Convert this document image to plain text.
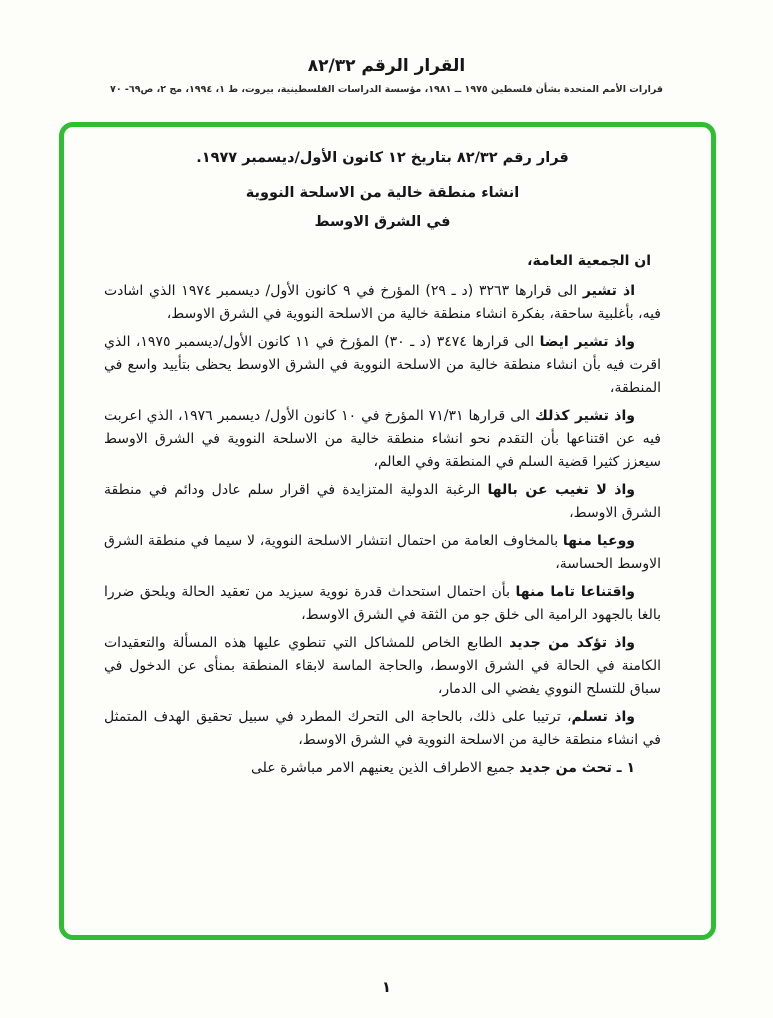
القرار الرقم ٨٢/٣٢
قرارات الأمم المتحدة بشأن فلسطين ١٩٧٥ ــ ١٩٨١، مؤسسة الدراسات الفلسطينية، بيروت، ط ١، ١٩٩٤، مج ٢، ص٦٩- ٧٠
قرار رقم ٨٢/٣٢ بتاريخ ١٢ كانون الأول/ديسمبر ١٩٧٧.
انشاء منطقة خالية من الاسلحة النووية
في الشرق الاوسط

ان الجمعية العامة،

اذ تشير الى قرارها ٣٢٦٣ (د ـ ٢٩) المؤرخ في ٩ كانون الأول/ ديسمبر ١٩٧٤ الذي اشادت فيه، بأغلبية ساحقة، بفكرة انشاء منطقة خالية من الاسلحة النووية في الشرق الاوسط،

واذ تشير ايضا الى قرارها ٣٤٧٤ (د ـ ٣٠) المؤرخ في ١١ كانون الأول/ديسمبر ١٩٧٥، الذي اقرت فيه بأن انشاء منطقة خالية من الاسلحة النووية في الشرق الاوسط يحظى بتأييد واسع في المنطقة،

واذ تشير كذلك الى قرارها ٧١/٣١ المؤرخ في ١٠ كانون الأول/ ديسمبر ١٩٧٦، الذي اعربت فيه عن اقتناعها بأن التقدم نحو انشاء منطقة خالية من الاسلحة النووية في الشرق الاوسط سيعزز كثيرا قضية السلم في المنطقة وفي العالم،

واذ لا تغيب عن بالها الرغبة الدولية المتزايدة في اقرار سلم عادل ودائم في منطقة الشرق الاوسط،

ووعيا منها بالمخاوف العامة من احتمال انتشار الاسلحة النووية، لا سيما في منطقة الشرق الاوسط الحساسة،

واقتناعا تاما منها بأن احتمال استحداث قدرة نووية سيزيد من تعقيد الحالة ويلحق ضررا بالغا بالجهود الرامية الى خلق جو من الثقة في الشرق الاوسط،

واذ تؤكد من جديد الطابع الخاص للمشاكل التي تنطوي عليها هذه المسألة والتعقيدات الكامنة في الحالة في الشرق الاوسط، والحاجة الماسة لابقاء المنطقة بمنأى عن الدخول في سباق للتسلح النووي يفضي الى الدمار،

واذ تسلم، ترتيبا على ذلك، بالحاجة الى التحرك المطرد في سبيل تحقيق الهدف المتمثل في انشاء منطقة خالية من الاسلحة النووية في الشرق الاوسط،

١ ـ تحث من جديد جميع الاطراف الذين يعنيهم الامر مباشرة على

١
